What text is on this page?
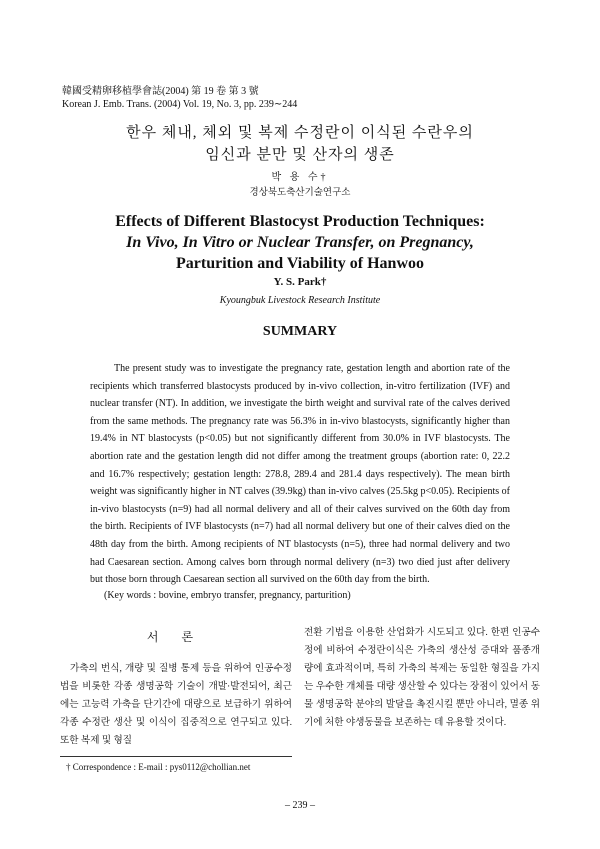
韓國受精卵移植學會誌(2004) 第 19 卷 第 3 號
Korean J. Emb. Trans. (2004) Vol. 19, No. 3, pp. 239∼244
한우 체내, 체외 및 복제 수정란이 이식된 수란우의
임신과 분만 및 산자의 생존
박 용 수†
경상북도축산기술연구소
Effects of Different Blastocyst Production Techniques:
In Vivo, In Vitro or Nuclear Transfer, on Pregnancy,
Parturition and Viability of Hanwoo
Y. S. Park†
Kyoungbuk Livestock Research Institute
SUMMARY

The present study was to investigate the pregnancy rate, gestation length and abortion rate of the recipients which transferred blastocysts produced by in-vivo collection, in-vitro fertilization (IVF) and nuclear transfer (NT). In addition, we investigate the birth weight and survival rate of the calves derived from the same methods. The pregnancy rate was 56.3% in in-vivo blastocysts, significantly higher than 19.4% in NT blastocysts (p<0.05) but not significantly different from 30.0% in IVF blastocysts. The abortion rate and the gestation length did not differ among the treatment groups (abortion rate: 0, 22.2 and 16.7% respectively; gestation length: 278.8, 289.4 and 281.4 days respectively). The mean birth weight was significantly higher in NT calves (39.9kg) than in-vivo calves (25.5kg p<0.05). Recipients of in-vivo blastocysts (n=9) had all normal delivery and all of their calves survived on the 60th day from the birth. Recipients of IVF blastocysts (n=7) had all normal delivery but one of their calves died on the 48th day from the birth. Among recipients of NT blastocysts (n=5), three had normal delivery and two had Caesarean section. Among calves born through normal delivery (n=3) two died just after delivery but those born through Caesarean section all survived on the 60th day from the birth.

(Key words : bovine, embryo transfer, pregnancy, parturition)
서 론

가축의 번식, 개량 및 질병 통제 등을 위하여 인공수정법을 비롯한 각종 생명공학 기술이 개발·발전되어, 최근에는 고능력 가축을 단기간에 대량으로 보급하기 위하여 각종 수정란 생산 및 이식이 집중적으로 연구되고 있다. 또한 복제 및 형질

전환 기법을 이용한 산업화가 시도되고 있다. 한편 인공수정에 비하여 수정란이식은 가축의 생산성 증대와 품종개량에 효과적이며, 특히 가축의 복제는 동일한 형질을 가지는 우수한 개체를 대량 생산할 수 있다는 장점이 있어서 동물 생명공학 분야의 발달을 촉진시킬 뿐만 아니라, 멸종 위기에 처한 야생동물을 보존하는 데 유용할 것이다.

† Correspondence : E-mail : pys0112@chollian.net
– 239 –
